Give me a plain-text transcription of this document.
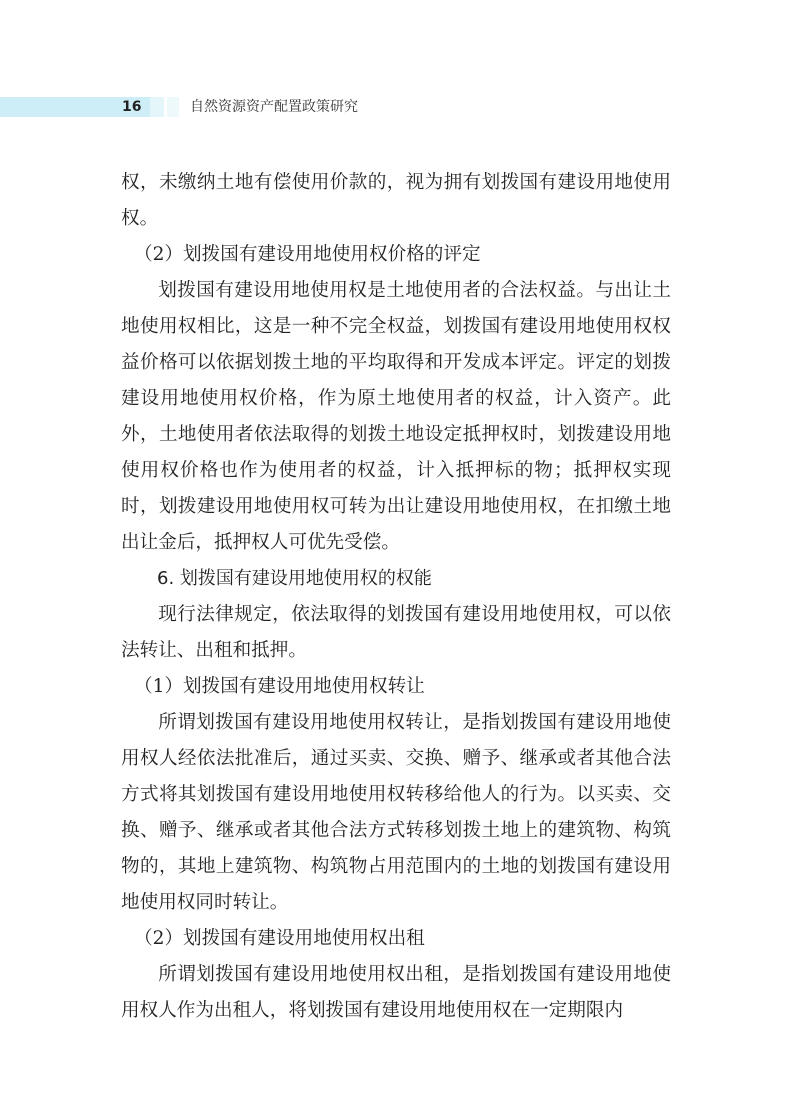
16	自然资源资产配置政策研究

权，未缴纳土地有偿使用价款的，视为拥有划拨国有建设用地使用权。

（2）划拨国有建设用地使用权价格的评定

划拨国有建设用地使用权是土地使用者的合法权益。与出让土地使用权相比，这是一种不完全权益，划拨国有建设用地使用权权益价格可以依据划拨土地的平均取得和开发成本评定。评定的划拨建设用地使用权价格，作为原土地使用者的权益，计入资产。此外，土地使用者依法取得的划拨土地设定抵押权时，划拨建设用地使用权价格也作为使用者的权益，计入抵押标的物；抵押权实现时，划拨建设用地使用权可转为出让建设用地使用权，在扣缴土地出让金后，抵押权人可优先受偿。

6. 划拨国有建设用地使用权的权能

现行法律规定，依法取得的划拨国有建设用地使用权，可以依法转让、出租和抵押。

（1）划拨国有建设用地使用权转让

所谓划拨国有建设用地使用权转让，是指划拨国有建设用地使用权人经依法批准后，通过买卖、交换、赠予、继承或者其他合法方式将其划拨国有建设用地使用权转移给他人的行为。以买卖、交换、赠予、继承或者其他合法方式转移划拨土地上的建筑物、构筑物的，其地上建筑物、构筑物占用范围内的土地的划拨国有建设用地使用权同时转让。

（2）划拨国有建设用地使用权出租

所谓划拨国有建设用地使用权出租，是指划拨国有建设用地使用权人作为出租人，将划拨国有建设用地使用权在一定期限内
